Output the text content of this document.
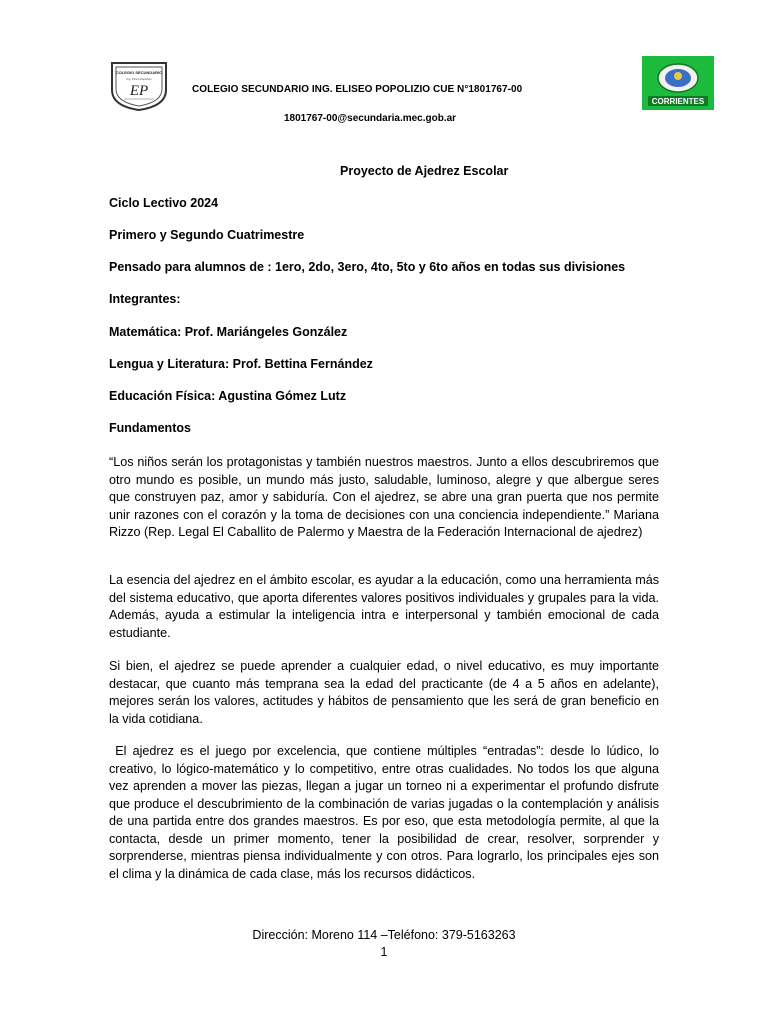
COLEGIO SECUNDARIO
Ing. Eliseo Popolizio
EP	COLEGIO SECUNDARIO ING. ELISEO POPOLIZIO CUE N°1801767-00
1801767-00@secundaria.mec.gob.ar
CORRIENTES
Proyecto de Ajedrez Escolar
Ciclo Lectivo 2024
Primero y Segundo Cuatrimestre
Pensado para alumnos de : 1ero, 2do, 3ero, 4to, 5to y 6to años en todas sus divisiones
Integrantes:
Matemática: Prof. Mariángeles González
Lengua y Literatura: Prof. Bettina Fernández
Educación Física: Agustina Gómez Lutz
Fundamentos
“Los niños serán los protagonistas y también nuestros maestros. Junto a ellos descubriremos que otro mundo es posible, un mundo más justo, saludable, luminoso, alegre y que albergue seres que construyen paz, amor y sabiduría. Con el ajedrez, se abre una gran puerta que nos permite unir razones con el corazón y la toma de decisiones con una conciencia independiente.” Mariana Rizzo (Rep. Legal El Caballito de Palermo y Maestra de la Federación Internacional de ajedrez)
La esencia del ajedrez en el ámbito escolar, es ayudar a la educación, como una herramienta más del sistema educativo, que aporta diferentes valores positivos individuales y grupales para la vida. Además, ayuda a estimular la inteligencia intra e interpersonal y también emocional de cada estudiante.
Si bien, el ajedrez se puede aprender a cualquier edad, o nivel educativo, es muy importante destacar, que cuanto más temprana sea la edad del practicante (de 4 a 5 años en adelante), mejores serán los valores, actitudes y hábitos de pensamiento que les será de gran beneficio en la vida cotidiana.
El ajedrez es el juego por excelencia, que contiene múltiples “entradas”: desde lo lúdico, lo creativo, lo lógico-matemático y lo competitivo, entre otras cualidades. No todos los que alguna vez aprenden a mover las piezas, llegan a jugar un torneo ni a experimentar el profundo disfrute que produce el descubrimiento de la combinación de varias jugadas o la contemplación y análisis de una partida entre dos grandes maestros. Es por eso, que esta metodología permite, al que la contacta, desde un primer momento, tener la posibilidad de crear, resolver, sorprender y sorprenderse, mientras piensa individualmente y con otros. Para lograrlo, los principales ejes son el clima y la dinámica de cada clase, más los recursos didácticos.
Dirección: Moreno 114 –Teléfono: 379-5163263
1
